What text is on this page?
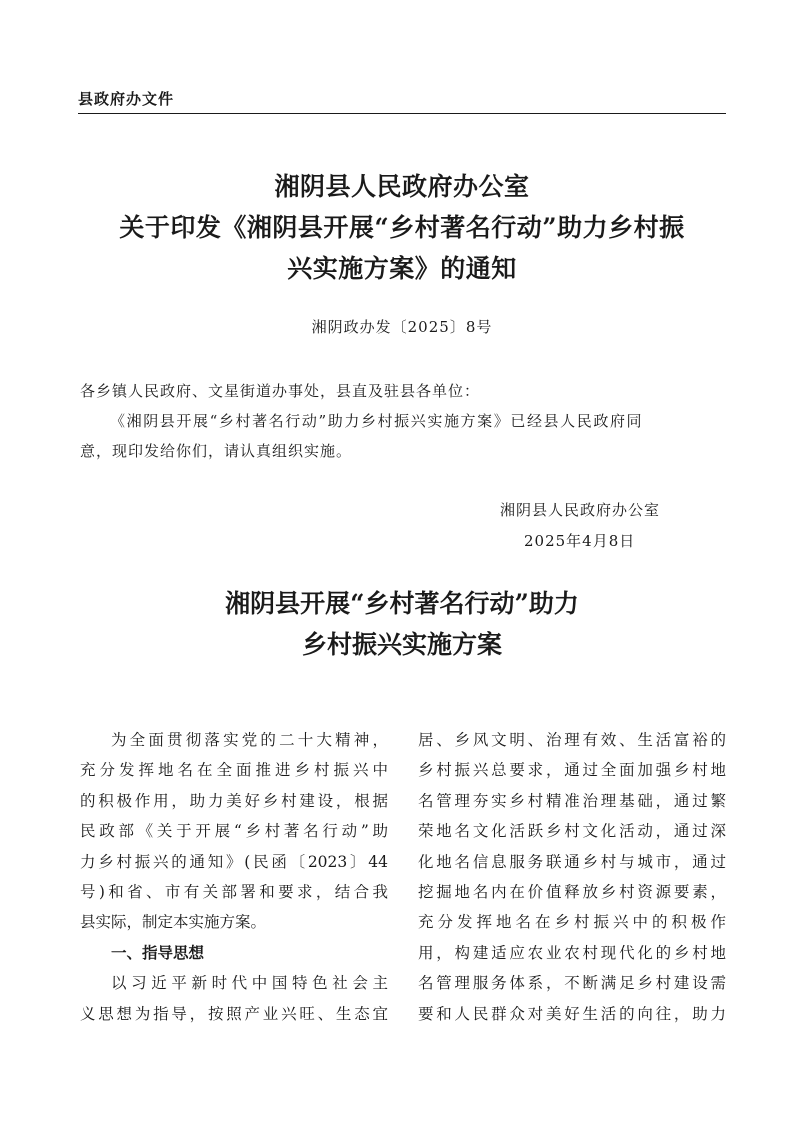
县政府办文件
湘阴县人民政府办公室
关于印发《湘阴县开展“乡村著名行动”助力乡村振
兴实施方案》的通知
湘阴政办发〔2025〕8号
各乡镇人民政府、文星街道办事处，县直及驻县各单位：
《湘阴县开展“乡村著名行动”助力乡村振兴实施方案》已经县人民政府同
意，现印发给你们，请认真组织实施。
湘阴县人民政府办公室
2025年4月8日
湘阴县开展“乡村著名行动”助力
乡村振兴实施方案
为全面贯彻落实党的二十大精神，
充分发挥地名在全面推进乡村振兴中
的积极作用，助力美好乡村建设，根据
民政部《关于开展“乡村著名行动”助
力乡村振兴的通知》(民函〔2023〕44
号)和省、市有关部署和要求，结合我
县实际，制定本实施方案。
一、指导思想
以习近平新时代中国特色社会主
义思想为指导，按照产业兴旺、生态宜
居、乡风文明、治理有效、生活富裕的
乡村振兴总要求，通过全面加强乡村地
名管理夯实乡村精准治理基础，通过繁
荣地名文化活跃乡村文化活动，通过深
化地名信息服务联通乡村与城市，通过
挖掘地名内在价值释放乡村资源要素，
充分发挥地名在乡村振兴中的积极作
用，构建适应农业农村现代化的乡村地
名管理服务体系，不断满足乡村建设需
要和人民群众对美好生活的向往，助力
